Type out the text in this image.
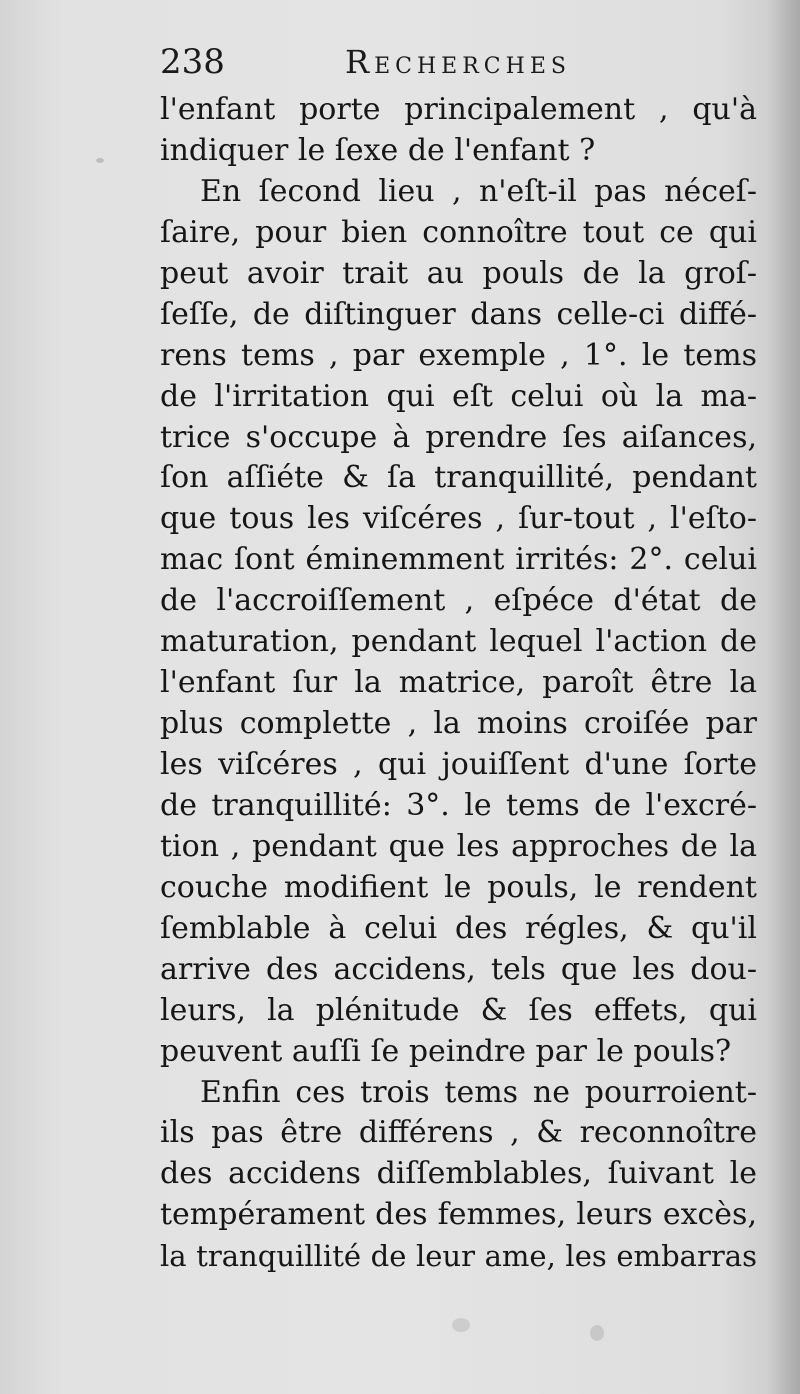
238	Recherches
l'enfant porte principalement , qu'à
indiquer le ſexe de l'enfant ?
En ſecond lieu , n'eſt-il pas néceſ-
ſaire, pour bien connoître tout ce qui
peut avoir trait au pouls de la groſ-
ſeſſe, de diſtinguer dans celle-ci diffé-
rens tems , par exemple , 1°. le tems
de l'irritation qui eſt celui où la ma-
trice s'occupe à prendre ſes aiſances,
ſon aſſiéte & ſa tranquillité, pendant
que tous les viſcéres , ſur-tout , l'eſto-
mac ſont éminemment irrités: 2°. celui
de l'accroiſſement , eſpéce d'état de
maturation, pendant lequel l'action de
l'enfant ſur la matrice, paroît être la
plus complette , la moins croiſée par
les viſcéres , qui jouiſſent d'une ſorte
de tranquillité: 3°. le tems de l'excré-
tion , pendant que les approches de la
couche modifient le pouls, le rendent
ſemblable à celui des régles, & qu'il
arrive des accidens, tels que les dou-
leurs, la plénitude & ſes effets, qui
peuvent auſſi ſe peindre par le pouls?
Enfin ces trois tems ne pourroient-
ils pas être différens , & reconnoître
des accidens diſſemblables, ſuivant le
tempérament des femmes, leurs excès,
la tranquillité de leur ame, les embarras
